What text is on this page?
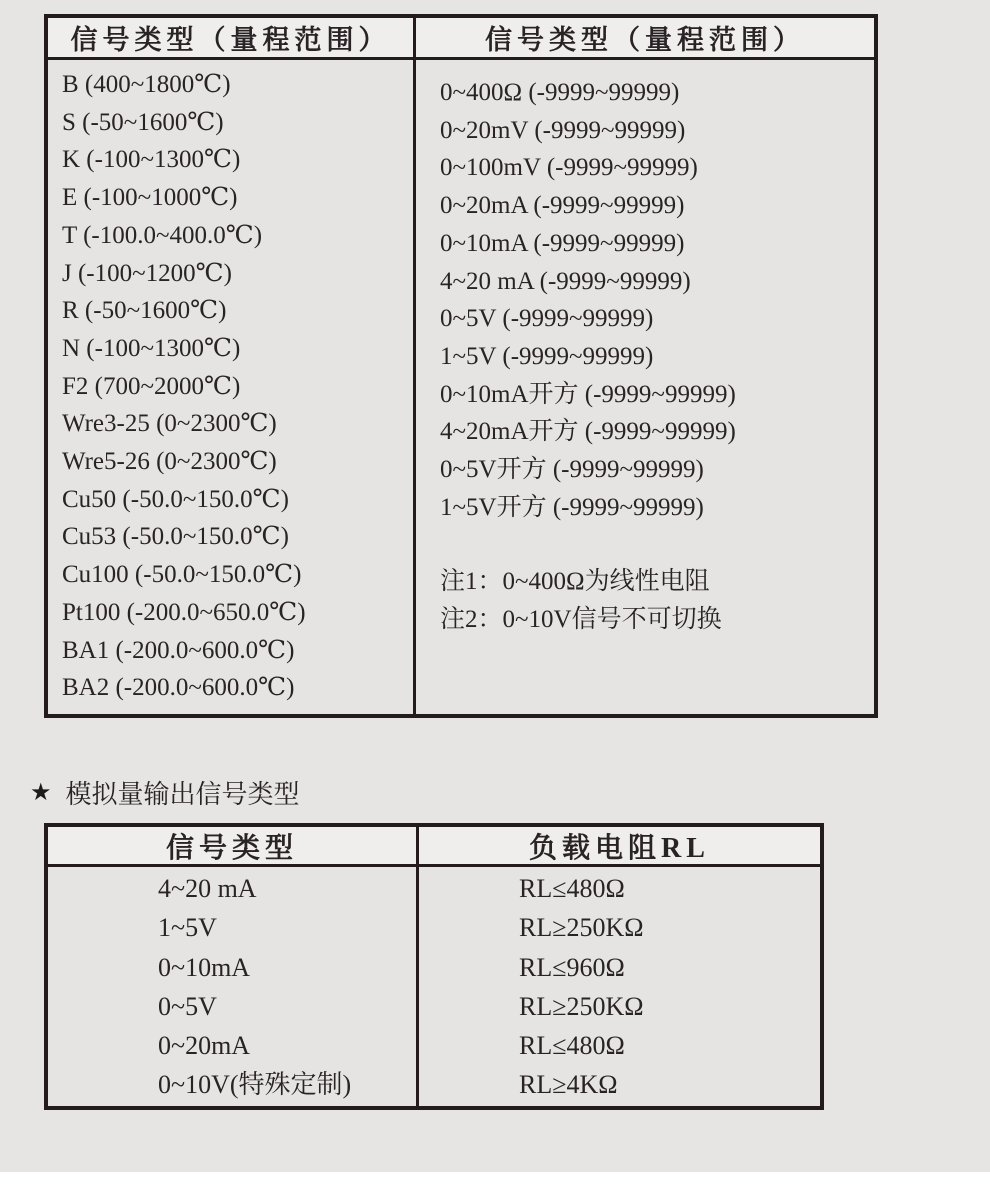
信号类型（量程范围）	信号类型（量程范围）
B (400~1800℃)
S (-50~1600℃)
K (-100~1300℃)
E (-100~1000℃)
T (-100.0~400.0℃)
J (-100~1200℃)
R (-50~1600℃)
N (-100~1300℃)
F2 (700~2000℃)
Wre3-25 (0~2300℃)
Wre5-26 (0~2300℃)
Cu50 (-50.0~150.0℃)
Cu53 (-50.0~150.0℃)
Cu100 (-50.0~150.0℃)
Pt100 (-200.0~650.0℃)
BA1 (-200.0~600.0℃)
BA2 (-200.0~600.0℃)
0~400Ω (-9999~99999)
0~20mV (-9999~99999)
0~100mV (-9999~99999)
0~20mA (-9999~99999)
0~10mA (-9999~99999)
4~20 mA (-9999~99999)
0~5V (-9999~99999)
1~5V (-9999~99999)
0~10mA开方 (-9999~99999)
4~20mA开方 (-9999~99999)
0~5V开方 (-9999~99999)
1~5V开方 (-9999~99999)
注1：0~400Ω为线性电阻
注2：0~10V信号不可切换
★ 模拟量输出信号类型
信号类型	负载电阻RL
4~20 mA
1~5V
0~10mA
0~5V
0~20mA
0~10V(特殊定制)
RL≤480Ω
RL≥250KΩ
RL≤960Ω
RL≥250KΩ
RL≤480Ω
RL≥4KΩ
